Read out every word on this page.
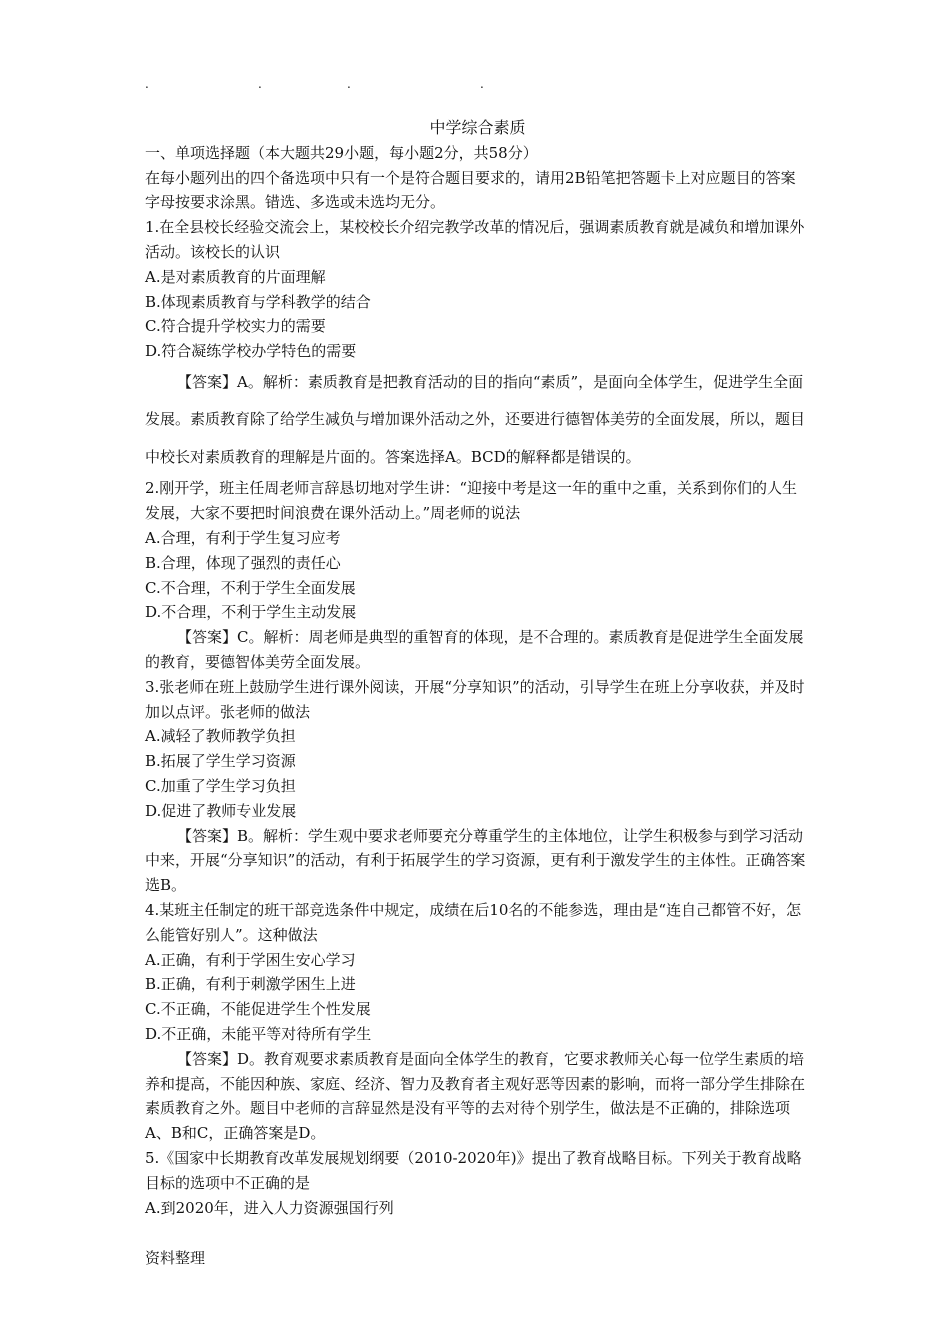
.	.	.	.

中学综合素质

一、单项选择题（本大题共29小题，每小题2分，共58分）

在每小题列出的四个备选项中只有一个是符合题目要求的，请用2B铅笔把答题卡上对应题目的答案字母按要求涂黑。错选、多选或未选均无分。

1.在全县校长经验交流会上，某校校长介绍完教学改革的情况后，强调素质教育就是减负和增加课外活动。该校长的认识

A.是对素质教育的片面理解

B.体现素质教育与学科教学的结合

C.符合提升学校实力的需要

D.符合凝练学校办学特色的需要

【答案】A。解析：素质教育是把教育活动的目的指向“素质”，是面向全体学生，促进学生全面发展。素质教育除了给学生减负与增加课外活动之外，还要进行德智体美劳的全面发展，所以，题目中校长对素质教育的理解是片面的。答案选择A。BCD的解释都是错误的。

2.刚开学，班主任周老师言辞恳切地对学生讲：“迎接中考是这一年的重中之重，关系到你们的人生发展，大家不要把时间浪费在课外活动上。”周老师的说法

A.合理，有利于学生复习应考

B.合理，体现了强烈的责任心

C.不合理，不利于学生全面发展

D.不合理，不利于学生主动发展

【答案】C。解析：周老师是典型的重智育的体现，是不合理的。素质教育是促进学生全面发展的教育，要德智体美劳全面发展。

3.张老师在班上鼓励学生进行课外阅读，开展“分享知识”的活动，引导学生在班上分享收获，并及时加以点评。张老师的做法

A.减轻了教师教学负担

B.拓展了学生学习资源

C.加重了学生学习负担

D.促进了教师专业发展

【答案】B。解析：学生观中要求老师要充分尊重学生的主体地位，让学生积极参与到学习活动中来，开展“分享知识”的活动，有利于拓展学生的学习资源，更有利于激发学生的主体性。正确答案选B。

4.某班主任制定的班干部竞选条件中规定，成绩在后10名的不能参选，理由是“连自己都管不好，怎么能管好别人”。这种做法

A.正确，有利于学困生安心学习

B.正确，有利于刺激学困生上进

C.不正确，不能促进学生个性发展

D.不正确，未能平等对待所有学生

【答案】D。教育观要求素质教育是面向全体学生的教育，它要求教师关心每一位学生素质的培养和提高，不能因种族、家庭、经济、智力及教育者主观好恶等因素的影响，而将一部分学生排除在素质教育之外。题目中老师的言辞显然是没有平等的去对待个别学生，做法是不正确的，排除选项A、B和C，正确答案是D。

5.《国家中长期教育改革发展规划纲要（2010-2020年)》提出了教育战略目标。下列关于教育战略目标的选项中不正确的是

A.到2020年，进入人力资源强国行列

资料整理
